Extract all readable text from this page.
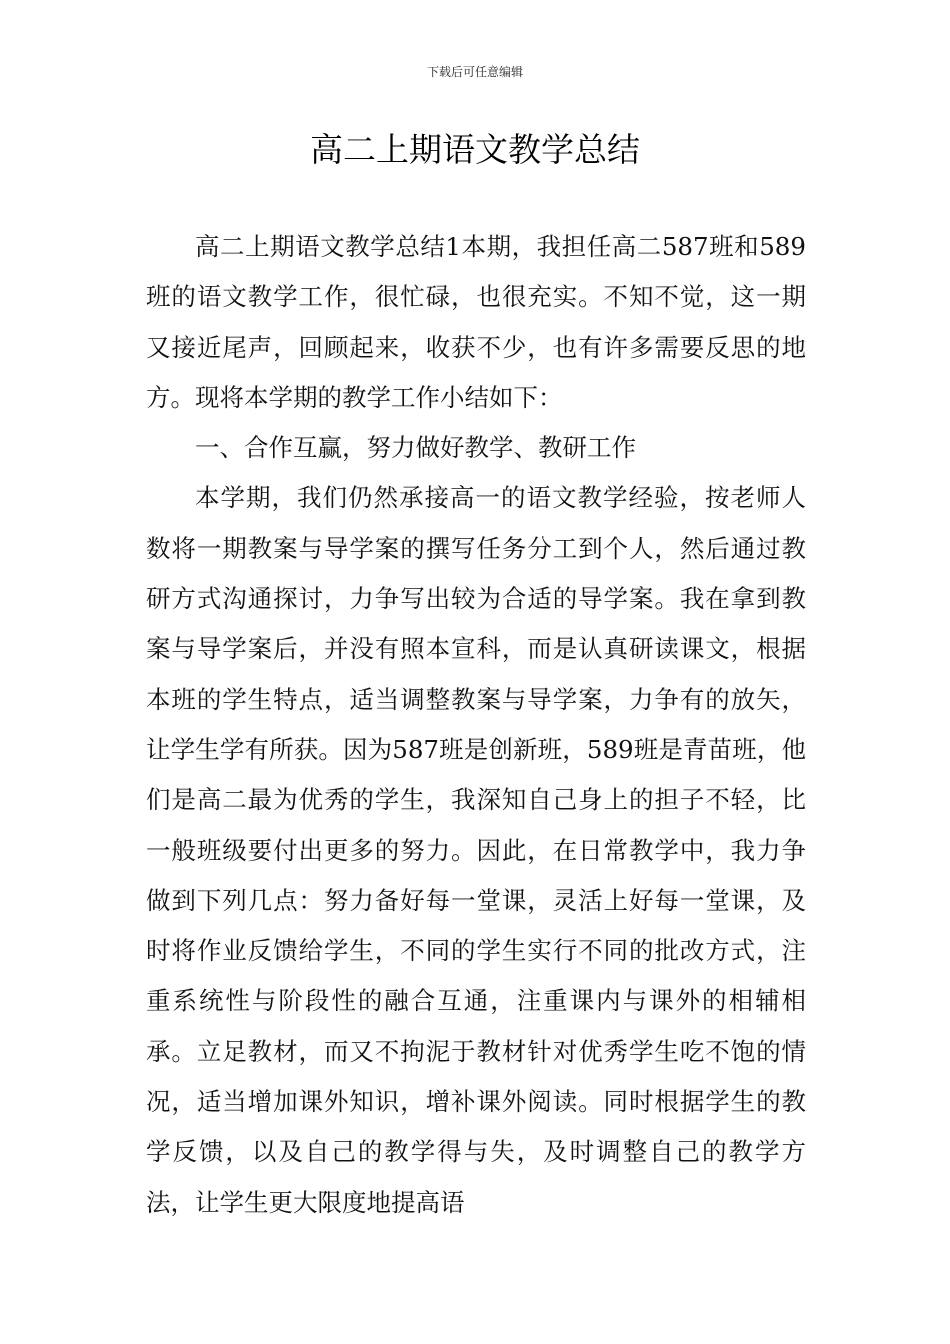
下载后可任意编辑
高二上期语文教学总结

高二上期语文教学总结1本期，我担任高二587班和589班的语文教学工作，很忙碌，也很充实。不知不觉，这一期又接近尾声，回顾起来，收获不少，也有许多需要反思的地方。现将本学期的教学工作小结如下：

一、合作互赢，努力做好教学、教研工作

本学期，我们仍然承接高一的语文教学经验，按老师人数将一期教案与导学案的撰写任务分工到个人，然后通过教研方式沟通探讨，力争写出较为合适的导学案。我在拿到教案与导学案后，并没有照本宣科，而是认真研读课文，根据本班的学生特点，适当调整教案与导学案，力争有的放矢，让学生学有所获。因为587班是创新班，589班是青苗班，他们是高二最为优秀的学生，我深知自己身上的担子不轻，比一般班级要付出更多的努力。因此，在日常教学中，我力争做到下列几点：努力备好每一堂课，灵活上好每一堂课，及时将作业反馈给学生，不同的学生实行不同的批改方式，注重系统性与阶段性的融合互通，注重课内与课外的相辅相承。立足教材，而又不拘泥于教材针对优秀学生吃不饱的情况，适当增加课外知识，增补课外阅读。同时根据学生的教学反馈，以及自己的教学得与失，及时调整自己的教学方法，让学生更大限度地提高语
